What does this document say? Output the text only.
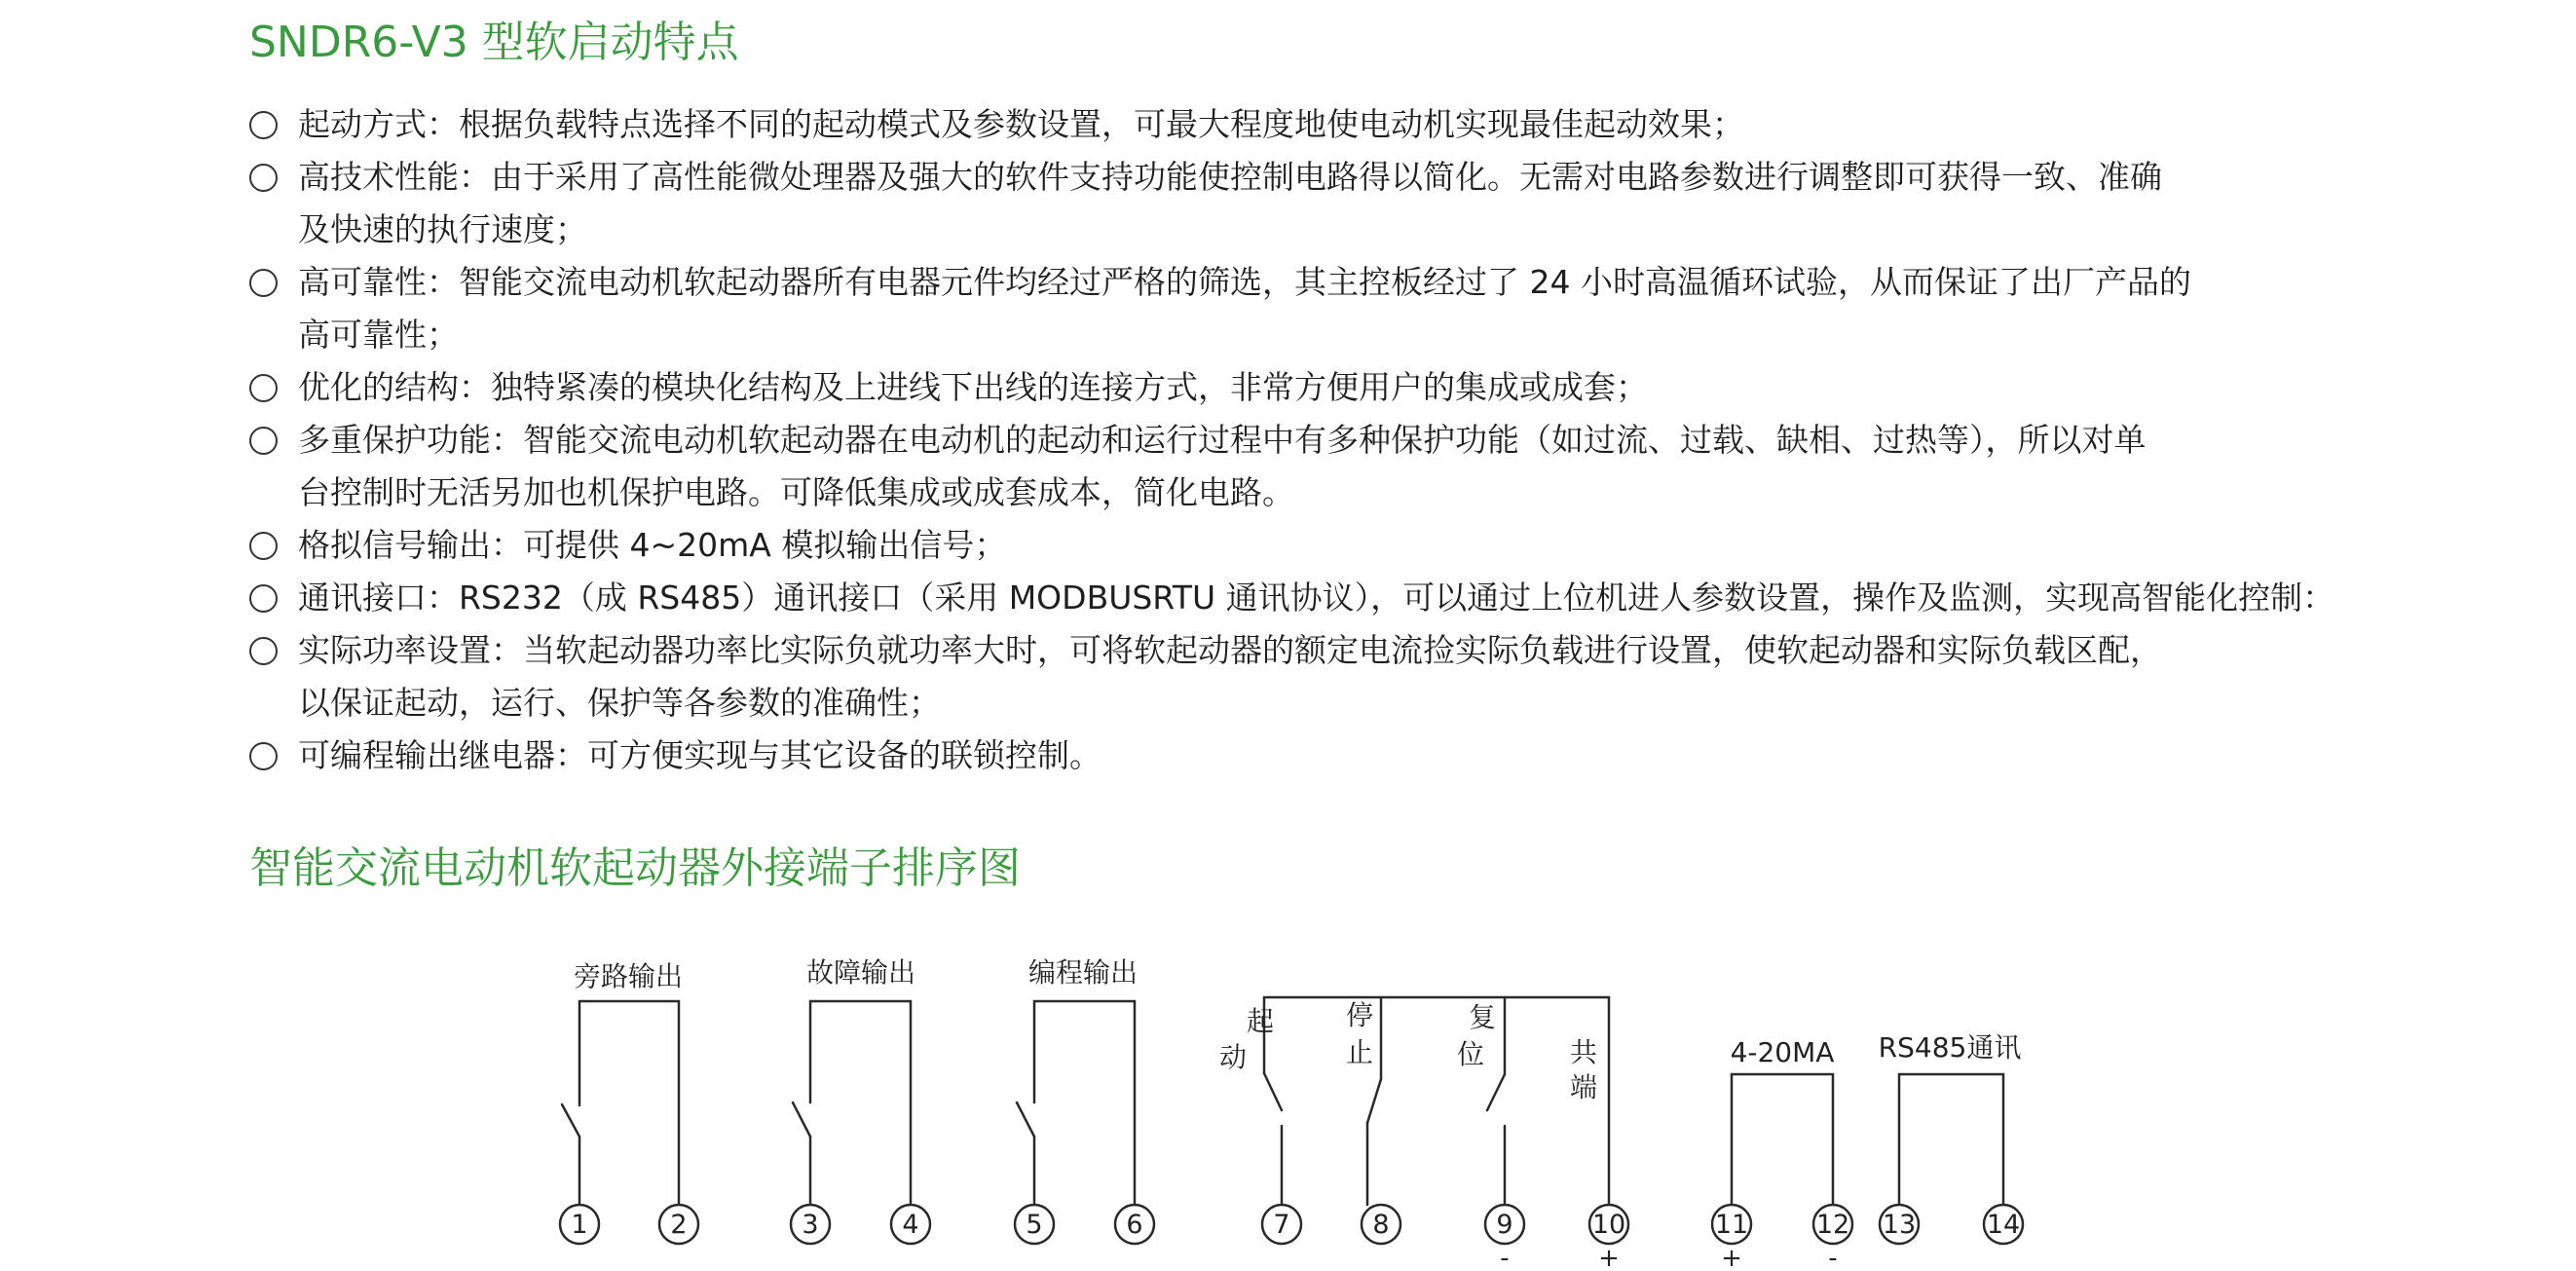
SNDR6-V3 型软启动特点
起动方式：根据负载特点选择不同的起动模式及参数设置，可最大程度地使电动机实现最佳起动效果；
高技术性能：由于采用了高性能微处理器及强大的软件支持功能使控制电路得以简化。无需对电路参数进行调整即可获得一致、准确
及快速的执行速度；
高可靠性：智能交流电动机软起动器所有电器元件均经过严格的筛选，其主控板经过了 24 小时高温循环试验，从而保证了出厂产品的
高可靠性；
优化的结构：独特紧凑的模块化结构及上进线下出线的连接方式，非常方便用户的集成或成套；
多重保护功能：智能交流电动机软起动器在电动机的起动和运行过程中有多种保护功能（如过流、过载、缺相、过热等），所以对单
台控制时无活另加也机保护电路。可降低集成或成套成本，简化电路。
格拟信号输出：可提供 4~20mA 模拟输出信号；
通讯接口：RS232（成 RS485）通讯接口（采用 MODBUSRTU 通讯协议），可以通过上位机进人参数设置，操作及监测，实现高智能化控制：
实际功率设置：当软起动器功率比实际负就功率大时，可将软起动器的额定电流捡实际负载进行设置，使软起动器和实际负载区配，
以保证起动，运行、保护等各参数的准确性；
可编程输出继电器：可方便实现与其它设备的联锁控制。
智能交流电动机软起动器外接端子排序图
1	2	3	4	5	6	7	8	9	10	11	12 13	14
-	+	+	-
旁路输出	故障输出	编程输出
4-20MA RS485通讯
起
动
停
止
复
位	共
端
